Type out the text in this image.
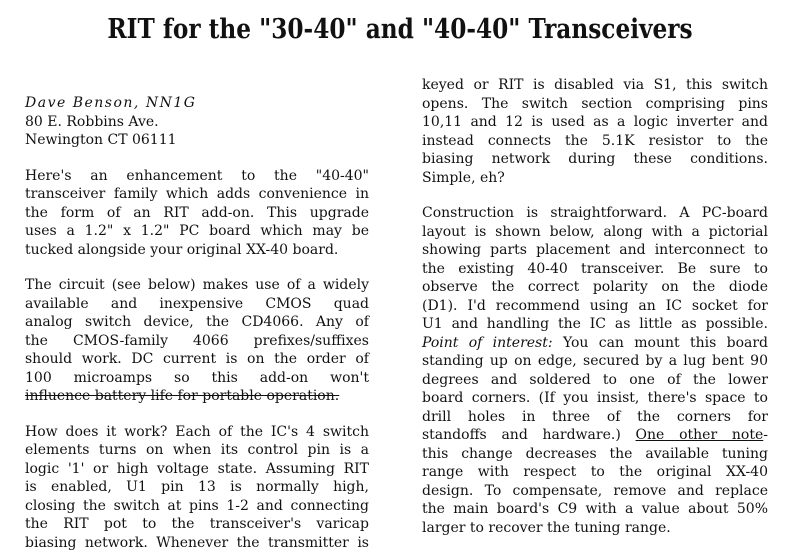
RIT for the "30-40" and "40-40" Transceivers
Dave Benson, NN1G
80 E. Robbins Ave.
Newington CT 06111
Here's an enhancement to the "40-40"
transceiver family which adds convenience in
the form of an RIT add-on. This upgrade
uses a 1.2" x 1.2" PC board which may be
tucked alongside your original XX-40 board.
The circuit (see below) makes use of a widely
available and inexpensive CMOS quad
analog switch device, the CD4066. Any of
the CMOS-family 4066 prefixes/suffixes
should work. DC current is on the order of
100 microamps so this add-on won't
influence battery life for portable operation.
How does it work? Each of the IC's 4 switch
elements turns on when its control pin is a
logic '1' or high voltage state. Assuming RIT
is enabled, U1 pin 13 is normally high,
closing the switch at pins 1-2 and connecting
the RIT pot to the transceiver's varicap
biasing network. Whenever the transmitter is
keyed or RIT is disabled via S1, this switch
opens. The switch section comprising pins
10,11 and 12 is used as a logic inverter and
instead connects the 5.1K resistor to the
biasing network during these conditions.
Simple, eh?
Construction is straightforward. A PC-board
layout is shown below, along with a pictorial
showing parts placement and interconnect to
the existing 40-40 transceiver. Be sure to
observe the correct polarity on the diode
(D1). I'd recommend using an IC socket for
U1 and handling the IC as little as possible.
Point of interest: You can mount this board
standing up on edge, secured by a lug bent 90
degrees and soldered to one of the lower
board corners. (If you insist, there's space to
drill holes in three of the corners for
standoffs and hardware.) One other note-
this change decreases the available tuning
range with respect to the original XX-40
design. To compensate, remove and replace
the main board's C9 with a value about 50%
larger to recover the tuning range.
